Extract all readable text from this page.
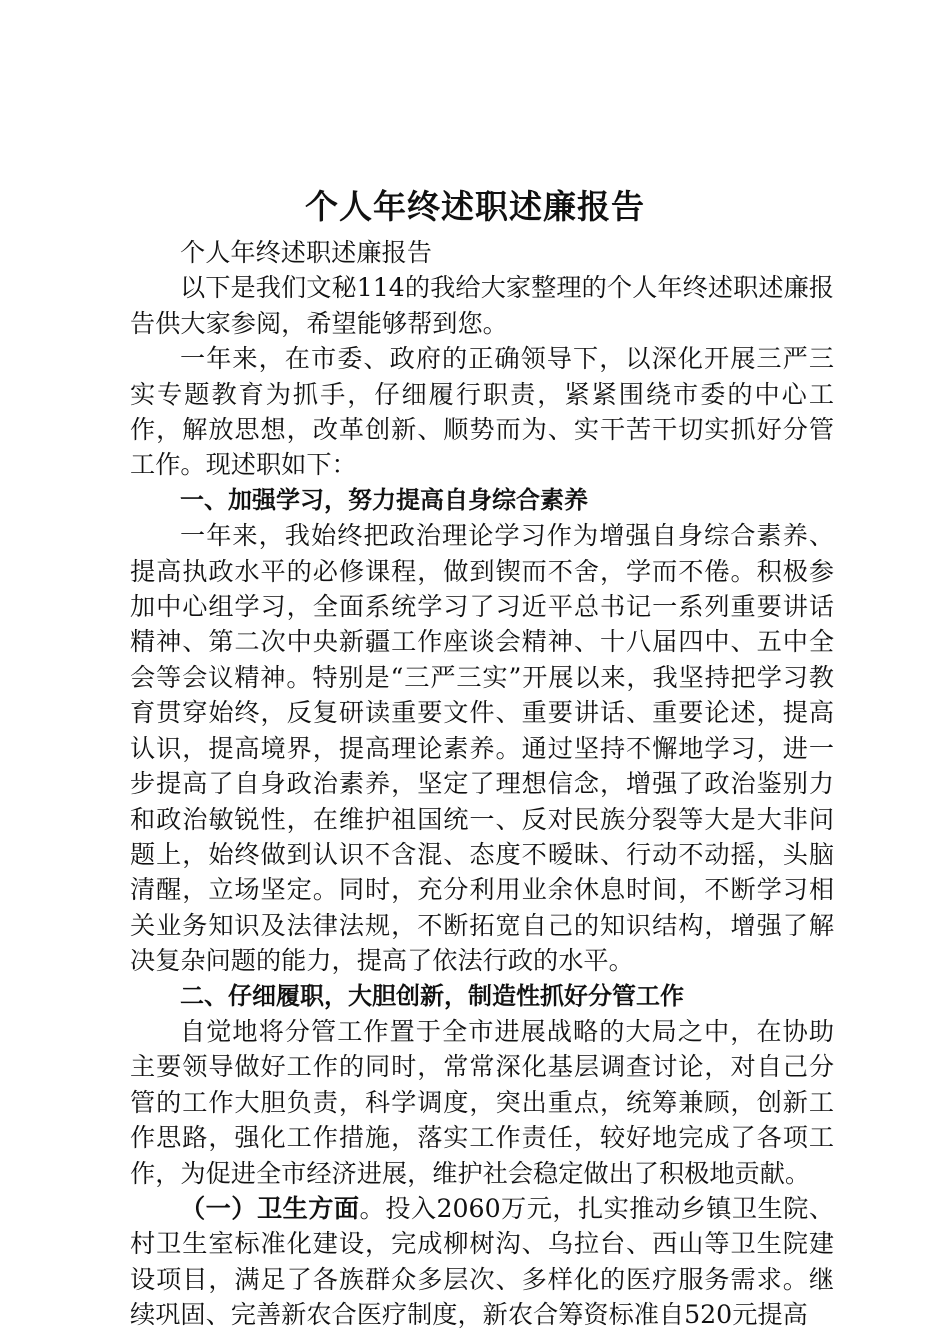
个人年终述职述廉报告

个人年终述职述廉报告

以下是我们文秘114的我给大家整理的个人年终述职述廉报告供大家参阅，希望能够帮到您。

一年来，在市委、政府的正确领导下，以深化开展三严三实专题教育为抓手，仔细履行职责，紧紧围绕市委的中心工作，解放思想，改革创新、顺势而为、实干苦干切实抓好分管工作。现述职如下：

一、加强学习，努力提高自身综合素养

一年来，我始终把政治理论学习作为增强自身综合素养、提高执政水平的必修课程，做到锲而不舍，学而不倦。积极参加中心组学习，全面系统学习了习近平总书记一系列重要讲话精神、第二次中央新疆工作座谈会精神、十八届四中、五中全会等会议精神。特别是“三严三实”开展以来，我坚持把学习教育贯穿始终，反复研读重要文件、重要讲话、重要论述，提高认识，提高境界，提高理论素养。通过坚持不懈地学习，进一步提高了自身政治素养，坚定了理想信念，增强了政治鉴别力和政治敏锐性，在维护祖国统一、反对民族分裂等大是大非问题上，始终做到认识不含混、态度不暧昧、行动不动摇，头脑清醒，立场坚定。同时，充分利用业余休息时间，不断学习相关业务知识及法律法规，不断拓宽自己的知识结构，增强了解决复杂问题的能力，提高了依法行政的水平。

二、仔细履职，大胆创新，制造性抓好分管工作

自觉地将分管工作置于全市进展战略的大局之中，在协助主要领导做好工作的同时，常常深化基层调查讨论，对自己分管的工作大胆负责，科学调度，突出重点，统筹兼顾，创新工作思路，强化工作措施，落实工作责任，较好地完成了各项工作，为促进全市经济进展，维护社会稳定做出了积极地贡献。

（一）卫生方面。投入2060万元，扎实推动乡镇卫生院、村卫生室标准化建设，完成柳树沟、乌拉台、西山等卫生院建设项目，满足了各族群众多层次、多样化的医疗服务需求。继续巩固、完善新农合医疗制度，新农合筹资标准自520元提高
